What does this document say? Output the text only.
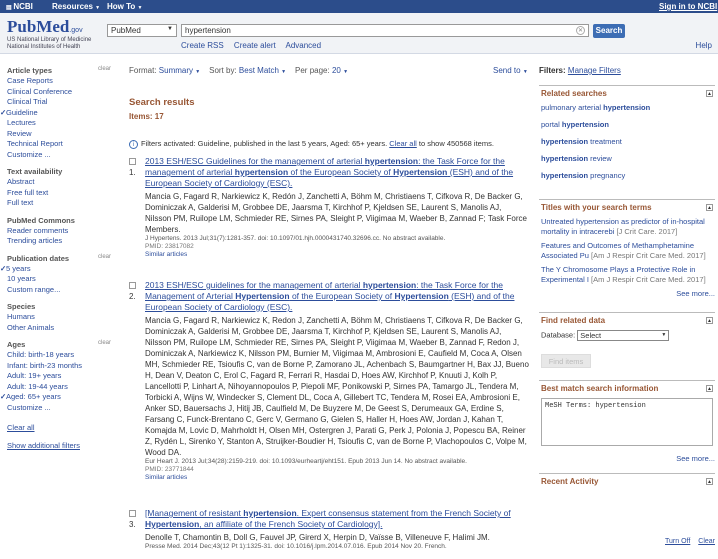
▤ NCBI Resources ▼ How To ▼	Sign in to NCBI
PubMed.gov
US National Library of Medicine
National Institutes of Health
PubMed	▼	hypertension	✕	Search
Create RSS Create alert Advanced	Help
Article types	clear
Case Reports
Clinical Conference
Clinical Trial
✓Guideline
Lectures
Review
Technical Report
Customize ...
Text availability
Abstract
Free full text
Full text
PubMed Commons
Reader comments
Trending articles
Publication dates	clear
✓5 years
10 years
Custom range...
Species
Humans
Other Animals
Ages	clear
Child: birth-18 years
Infant: birth-23 months
Adult: 19+ years
Adult: 19-44 years
✓Aged: 65+ years
Customize ...
Clear all
Show additional filters
Format: Summary ▼ Sort by: Best Match ▼ Per page: 20 ▼	Send to ▼
Search results
Items: 17
i Filters activated: Guideline, published in the last 5 years, Aged: 65+ years. Clear all to show 450568 items.
1.
2013 ESH/ESC Guidelines for the management of arterial hypertension: the Task Force for the management of arterial hypertension of the European Society of Hypertension (ESH) and of the European Society of Cardiology (ESC).
Mancia G, Fagard R, Narkiewicz K, Redón J, Zanchetti A, Böhm M, Christiaens T, Cifkova R, De Backer G, Dominiczak A, Galderisi M, Grobbee DE, Jaarsma T, Kirchhof P, Kjeldsen SE, Laurent S, Manolis AJ, Nilsson PM, Ruilope LM, Schmieder RE, Sirnes PA, Sleight P, Viigimaa M, Waeber B, Zannad F; Task Force Members.
J Hypertens. 2013 Jul;31(7):1281-357. doi: 10.1097/01.hjh.0000431740.32696.cc. No abstract available.
PMID: 23817082
Similar articles
2.
2013 ESH/ESC guidelines for the management of arterial hypertension: the Task Force for the Management of Arterial Hypertension of the European Society of Hypertension (ESH) and of the European Society of Cardiology (ESC).
Mancia G, Fagard R, Narkiewicz K, Redon J, Zanchetti A, Böhm M, Christiaens T, Cifkova R, De Backer G, Dominiczak A, Galderisi M, Grobbee DE, Jaarsma T, Kirchhof P, Kjeldsen SE, Laurent S, Manolis AJ, Nilsson PM, Ruilope LM, Schmieder RE, Sirnes PA, Sleight P, Viigimaa M, Waeber B, Zannad F, Redon J, Dominiczak A, Narkiewicz K, Nilsson PM, Burnier M, Viigimaa M, Ambrosioni E, Caufield M, Coca A, Olsen MH, Schmieder RE, Tsioufis C, van de Borne P, Zamorano JL, Achenbach S, Baumgartner H, Bax JJ, Bueno H, Dean V, Deaton C, Erol C, Fagard R, Ferrari R, Hasdai D, Hoes AW, Kirchhof P, Knuuti J, Kolh P, Lancellotti P, Linhart A, Nihoyannopoulos P, Piepoli MF, Ponikowski P, Sirnes PA, Tamargo JL, Tendera M, Torbicki A, Wijns W, Windecker S, Clement DL, Coca A, Gillebert TC, Tendera M, Rosei EA, Ambrosioni E, Anker SD, Bauersachs J, Hitij JB, Caulfield M, De Buyzere M, De Geest S, Derumeaux GA, Erdine S, Farsang C, Funck-Brentano C, Gerc V, Germano G, Gielen S, Haller H, Hoes AW, Jordan J, Kahan T, Komajda M, Lovic D, Mahrholdt H, Olsen MH, Ostergren J, Parati G, Perk J, Polonia J, Popescu BA, Reiner Z, Rydén L, Sirenko Y, Stanton A, Struijker-Boudier H, Tsioufis C, van de Borne P, Vlachopoulos C, Volpe M, Wood DA.
Eur Heart J. 2013 Jul;34(28):2159-219. doi: 10.1093/eurheartj/eht151. Epub 2013 Jun 14. No abstract available.
PMID: 23771844
Similar articles
3.
[Management of resistant hypertension. Expert consensus statement from the French Society of Hypertension, an affiliate of the French Society of Cardiology].
Denolle T, Chamontin B, Doll G, Fauvel JP, Girerd X, Herpin D, Vaïsse B, Villeneuve F, Halimi JM.
Presse Med. 2014 Dec;43(12 Pt 1):1325-31. doi: 10.1016/j.lpm.2014.07.016. Epub 2014 Nov 20. French.
Filters: Manage Filters
Related searches	▲
pulmonary arterial hypertension
portal hypertension
hypertension treatment
hypertension review
hypertension pregnancy
Titles with your search terms	▲
Untreated hypertension as predictor of in-hospital mortality in intracerebi [J Crit Care. 2017]
Features and Outcomes of Methamphetamine Associated Pu [Am J Respir Crit Care Med. 2017]
The Y Chromosome Plays a Protective Role in Experimental I [Am J Respir Crit Care Med. 2017]
See more...
Find related data	▲
Database: Select	▼
Find items
Best match search information	▲
MeSH Terms: hypertension
See more...
Recent Activity	▲
Turn Off Clear
